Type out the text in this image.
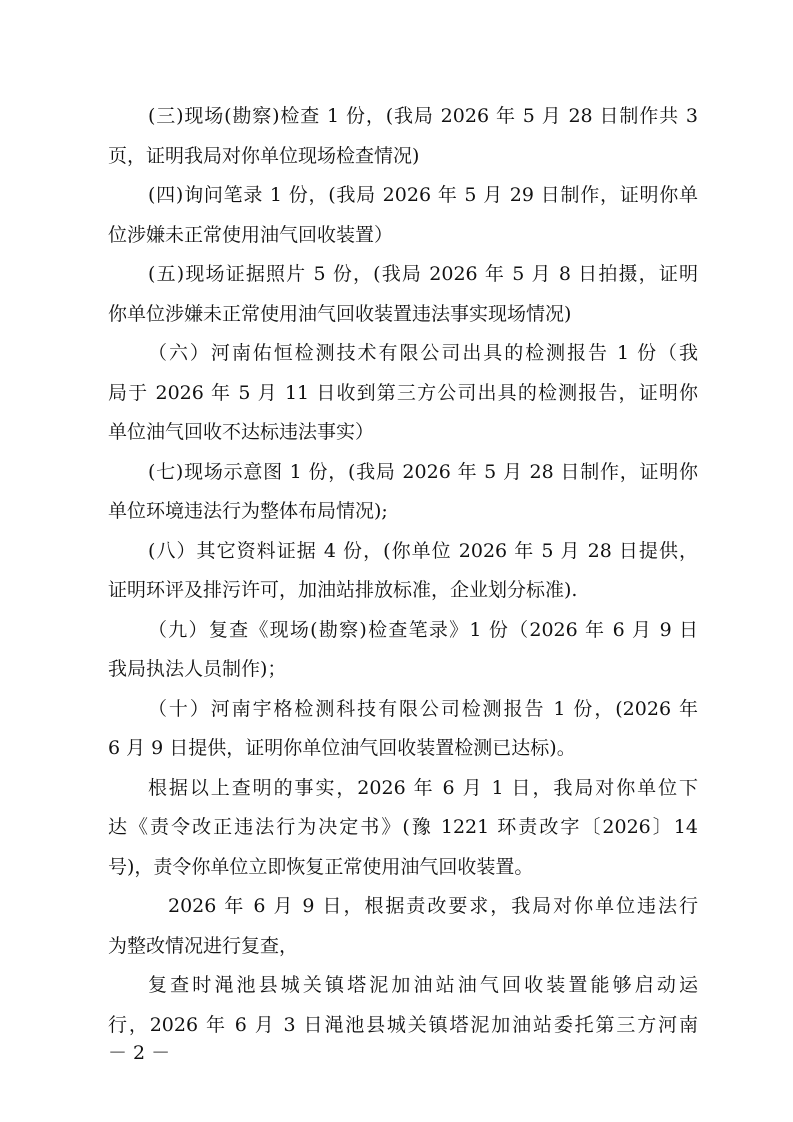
(三)现场(勘察)检查 1 份，(我局 2026 年 5 月 28 日制作共 3
页，证明我局对你单位现场检查情况)
(四)询问笔录 1 份，(我局 2026 年 5 月 29 日制作，证明你单
位涉嫌未正常使用油气回收装置）
(五)现场证据照片 5 份，(我局 2026 年 5 月 8 日拍摄，证明
你单位涉嫌未正常使用油气回收装置违法事实现场情况)
（六）河南佑恒检测技术有限公司出具的检测报告 1 份（我
局于 2026 年 5 月 11 日收到第三方公司出具的检测报告，证明你
单位油气回收不达标违法事实）
(七)现场示意图 1 份，(我局 2026 年 5 月 28 日制作，证明你
单位环境违法行为整体布局情况);
(八）其它资料证据 4 份，(你单位 2026 年 5 月 28 日提供，
证明环评及排污许可，加油站排放标准，企业划分标准).
（九）复查《现场(勘察)检查笔录》1 份（2026 年 6 月 9 日
我局执法人员制作)；
（十）河南宇格检测科技有限公司检测报告 1 份，(2026 年
6 月 9 日提供，证明你单位油气回收装置检测已达标)。
根据以上查明的事实，2026 年 6 月 1 日，我局对你单位下
达《责令改正违法行为决定书》(豫 1221 环责改字〔2026〕14
号)，责令你单位立即恢复正常使用油气回收装置。
2026 年 6 月 9 日，根据责改要求，我局对你单位违法行
为整改情况进行复查，
复查时渑池县城关镇塔泥加油站油气回收装置能够启动运
行，2026 年 6 月 3 日渑池县城关镇塔泥加油站委托第三方河南
－ 2 －
